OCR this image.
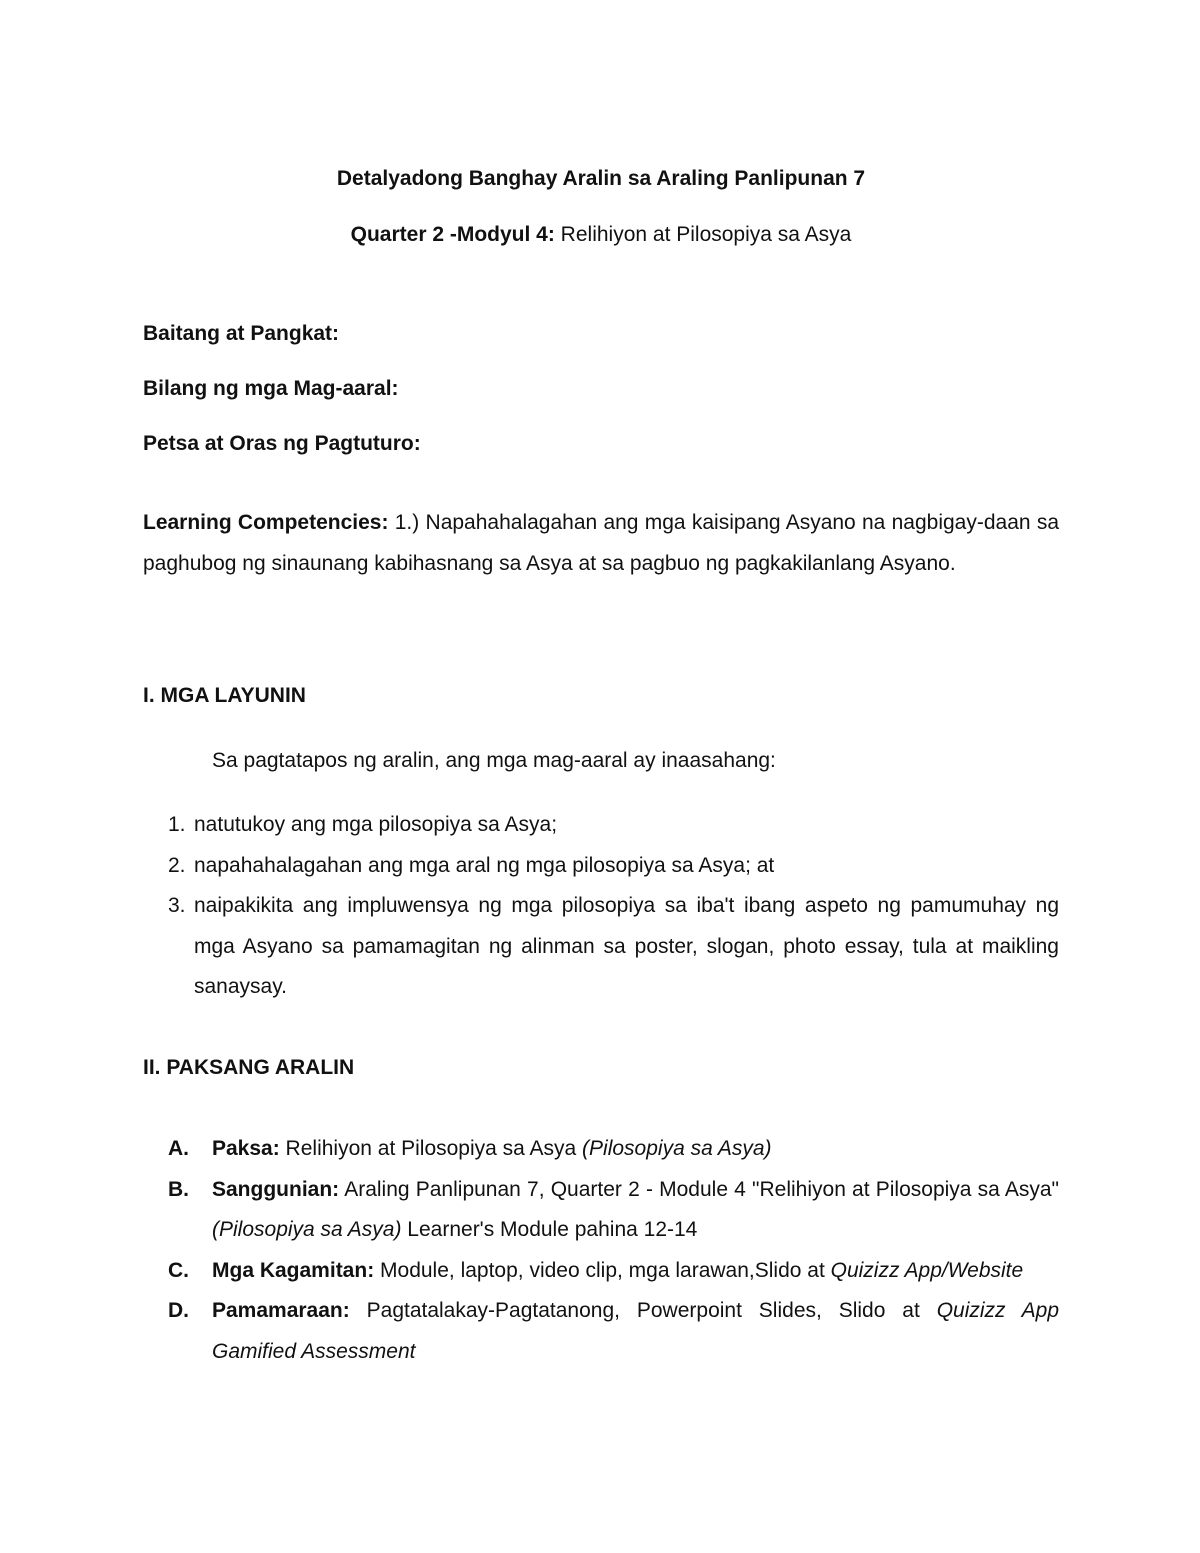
Detalyadong Banghay Aralin sa Araling Panlipunan 7

Quarter 2 -Modyul 4: Relihiyon at Pilosopiya sa Asya

Baitang at Pangkat:

Bilang ng mga Mag-aaral:

Petsa at Oras ng Pagtuturo:

Learning Competencies: 1.) Napahahalagahan ang mga kaisipang Asyano na nagbigay-daan sa paghubog ng sinaunang kabihasnang sa Asya at sa pagbuo ng pagkakilanlang Asyano.

I. MGA LAYUNIN

Sa pagtatapos ng aralin, ang mga mag-aaral ay inaasahang:

1. natutukoy ang mga pilosopiya sa Asya;
2. napahahalagahan ang mga aral ng mga pilosopiya sa Asya; at
3. naipakikita ang impluwensya ng mga pilosopiya sa iba't ibang aspeto ng pamumuhay ng mga Asyano sa pamamagitan ng alinman sa poster, slogan, photo essay, tula at maikling sanaysay.

II. PAKSANG ARALIN

A.	Paksa: Relihiyon at Pilosopiya sa Asya (Pilosopiya sa Asya)
B.	Sanggunian: Araling Panlipunan 7, Quarter 2 - Module 4 "Relihiyon at Pilosopiya sa Asya" (Pilosopiya sa Asya) Learner's Module pahina 12-14
C.	Mga Kagamitan: Module, laptop, video clip, mga larawan,Slido at Quizizz App/Website
D.	Pamamaraan: Pagtatalakay-Pagtatanong, Powerpoint Slides, Slido at Quizizz App Gamified Assessment
